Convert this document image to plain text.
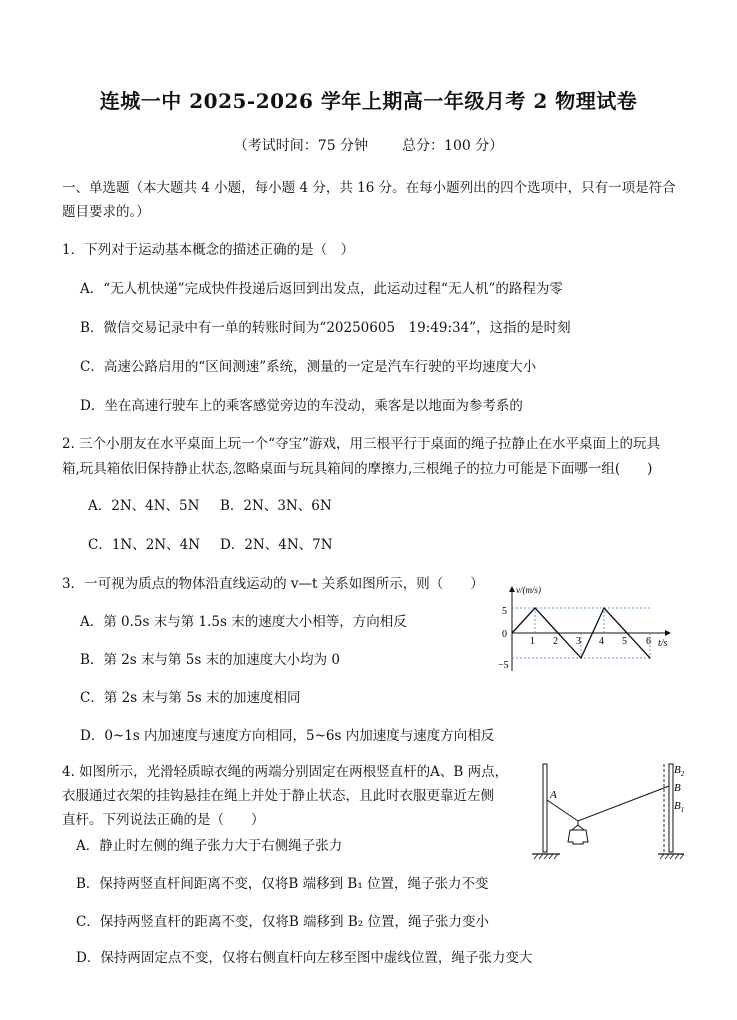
连城一中 2025-2026 学年上期高一年级月考 2 物理试卷
（考试时间：75 分钟 总分：100 分）
一、单选题（本大题共 4 小题，每小题 4 分，共 16 分。在每小题列出的四个选项中，只有一项是符合
题目要求的。）
1．下列对于运动基本概念的描述正确的是（　）
A．“无人机快递”完成快件投递后返回到出发点，此运动过程“无人机”的路程为零
B．微信交易记录中有一单的转账时间为“20250605　19:49:34”，这指的是时刻
C．高速公路启用的“区间测速”系统，测量的一定是汽车行驶的平均速度大小
D．坐在高速行驶车上的乘客感觉旁边的车没动，乘客是以地面为参考系的
2. 三个小朋友在水平桌面上玩一个“夺宝”游戏，用三根平行于桌面的绳子拉静止在水平桌面上的玩具
箱,玩具箱依旧保持静止状态,忽略桌面与玩具箱间的摩擦力,三根绳子的拉力可能是下面哪一组(　　)
A．2N、4N、5N B．2N、3N、6N
C．1N、2N、4N D．2N、4N、7N
3．一可视为质点的物体沿直线运动的 v—t 关系如图所示，则（　　）
A．第 0.5s 末与第 1.5s 末的速度大小相等，方向相反
B．第 2s 末与第 5s 末的加速度大小均为 0
C．第 2s 末与第 5s 末的加速度相同
D．0~1s 内加速度与速度方向相同，5~6s 内加速度与速度方向相反
v/(m/s)
t/s
5
0
−5
1 2 3 4 5 6
4. 如图所示，光滑轻质晾衣绳的两端分别固定在两根竖直杆的A、B 两点，
衣服通过衣架的挂钩悬挂在绳上并处于静止状态，且此时衣服更靠近左侧
直杆。下列说法正确的是（　　）
A．静止时左侧的绳子张力大于右侧绳子张力
B．保持两竖直杆间距离不变，仅将B 端移到 B₁ 位置，绳子张力不变
C．保持两竖直杆的距离不变，仅将B 端移到 B₂ 位置，绳子张力变小
D．保持两固定点不变，仅将右侧直杆向左移至图中虚线位置，绳子张力变大
A
B
$B_2$
$B_1$
